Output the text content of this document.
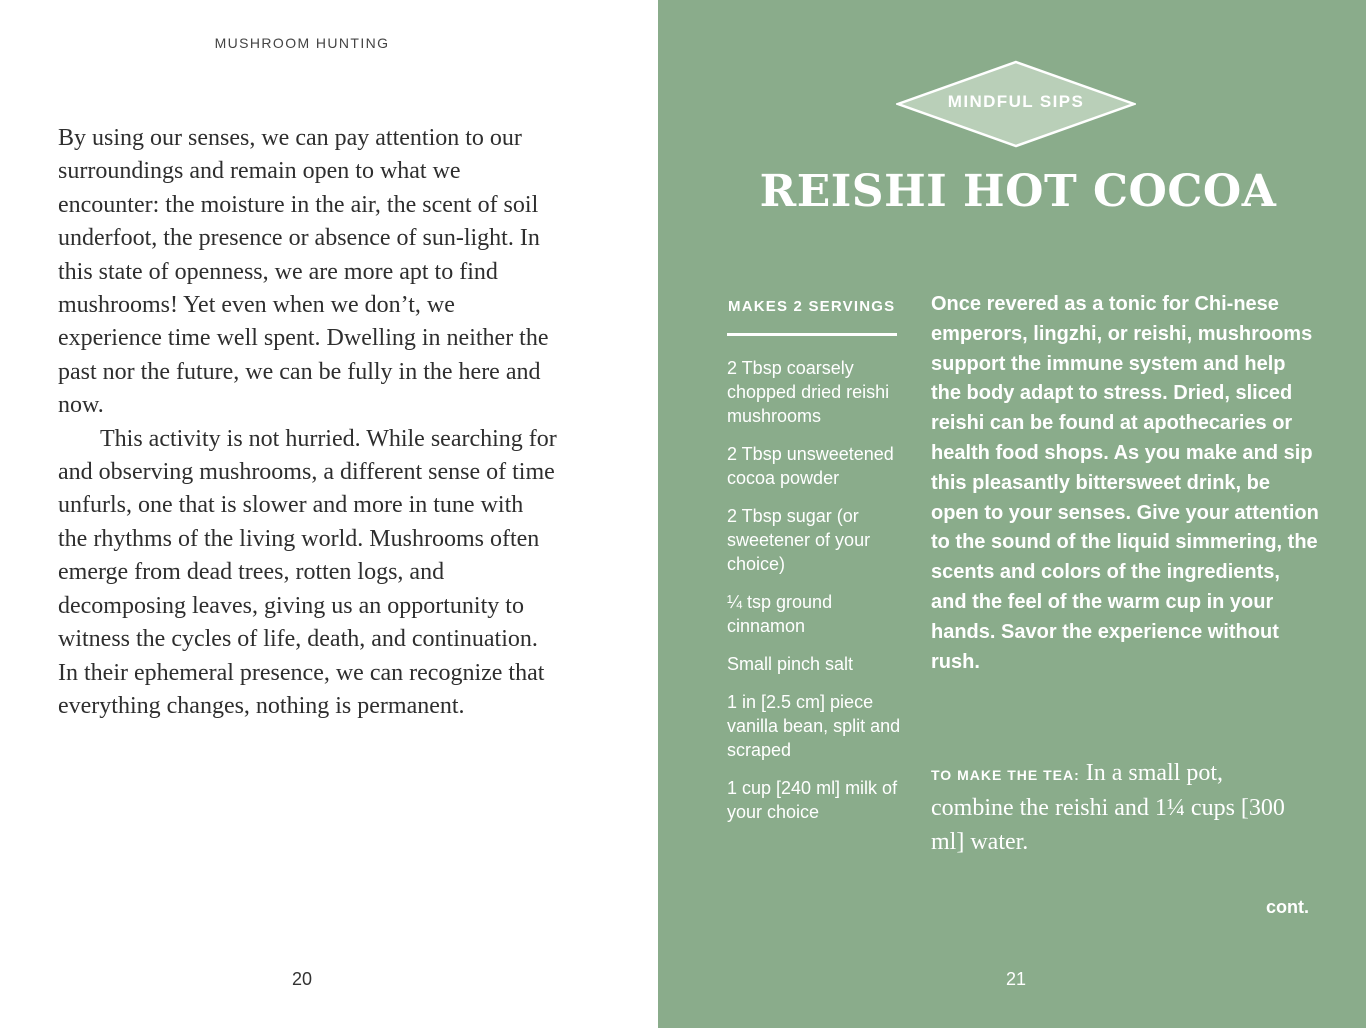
MUSHROOM HUNTING

By using our senses, we can pay attention to our surroundings and remain open to what we encounter: the moisture in the air, the scent of soil underfoot, the presence or absence of sun-light. In this state of openness, we are more apt to find mushrooms! Yet even when we don’t, we experience time well spent. Dwelling in neither the past nor the future, we can be fully in the here and now.

This activity is not hurried. While searching for and observing mushrooms, a different sense of time unfurls, one that is slower and more in tune with the rhythms of the living world. Mushrooms often emerge from dead trees, rotten logs, and decomposing leaves, giving us an opportunity to witness the cycles of life, death, and continuation. In their ephemeral presence, we can recognize that everything changes, nothing is permanent.

20
MINDFUL SIPS
REISHI HOT COCOA
MAKES 2 SERVINGS
2 Tbsp coarsely chopped dried reishi mushrooms
2 Tbsp unsweetened cocoa powder
2 Tbsp sugar (or sweetener of your choice)
¼ tsp ground cinnamon
Small pinch salt
1 in [2.5 cm] piece vanilla bean, split and scraped
1 cup [240 ml] milk of your choice

Once revered as a tonic for Chi-nese emperors, lingzhi, or reishi, mushrooms support the immune system and help the body adapt to stress. Dried, sliced reishi can be found at apothecaries or health food shops. As you make and sip this pleasantly bittersweet drink, be open to your senses. Give your attention to the sound of the liquid simmering, the scents and colors of the ingredients, and the feel of the warm cup in your hands. Savor the experience without rush.

TO MAKE THE TEA: In a small pot, combine the reishi and 1¼ cups [300 ml] water.

cont.
21
